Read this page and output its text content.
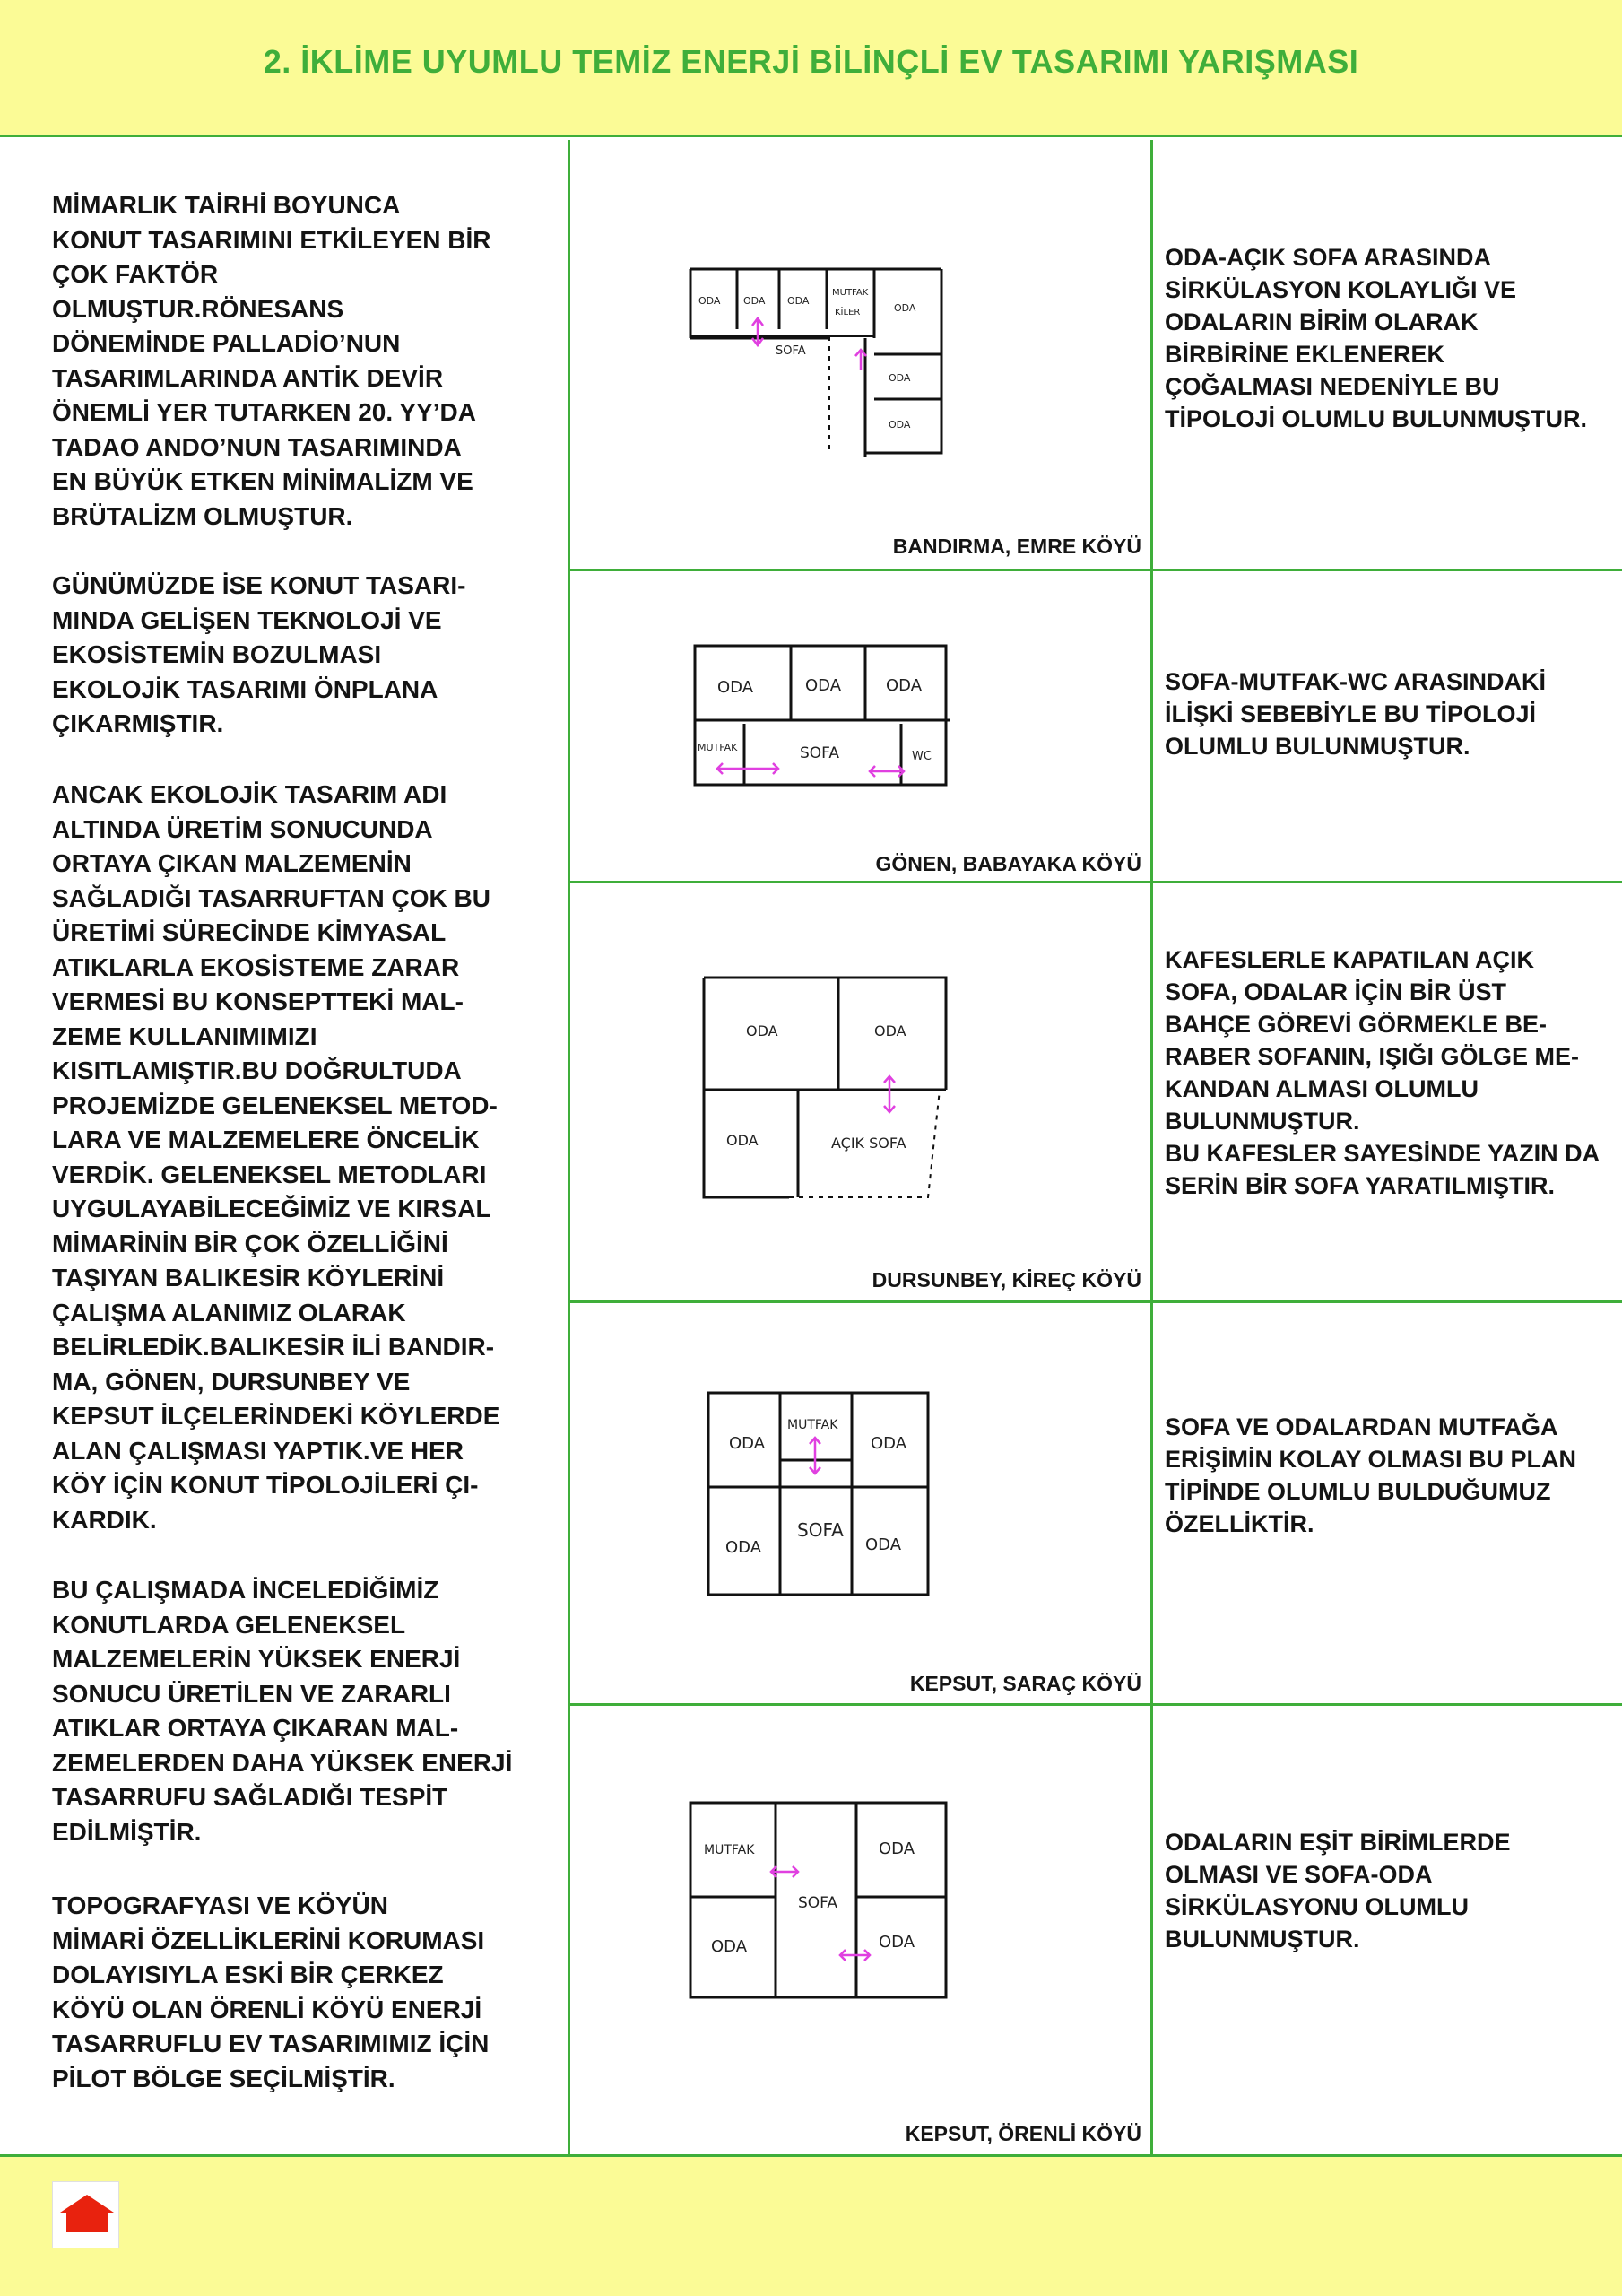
2. İKLİME UYUMLU TEMİZ ENERJİ BİLİNÇLİ EV TASARIMI YARIŞMASI
MİMARLIK TAİRHİ BOYUNCA
KONUT TASARIMINI ETKİLEYEN BİR
ÇOK FAKTÖR
OLMUŞTUR.RÖNESANS
DÖNEMİNDE PALLADİO’NUN
TASARIMLARINDA ANTİK DEVİR
ÖNEMLİ YER TUTARKEN 20. YY’DA
TADAO ANDO’NUN TASARIMINDA
EN BÜYÜK ETKEN MİNİMALİZM VE
BRÜTALİZM OLMUŞTUR.
GÜNÜMÜZDE İSE KONUT TASARI-
MINDA GELİŞEN TEKNOLOJİ VE
EKOSİSTEMİN BOZULMASI
EKOLOJİK TASARIMI ÖNPLANA
ÇIKARMIŞTIR.
ANCAK EKOLOJİK TASARIM ADI
ALTINDA ÜRETİM SONUCUNDA
ORTAYA ÇIKAN MALZEMENİN
SAĞLADIĞI TASARRUFTAN ÇOK BU
ÜRETİMİ SÜRECİNDE KİMYASAL
ATIKLARLA EKOSİSTEME ZARAR
VERMESİ BU KONSEPTTEKİ MAL-
ZEME KULLANIMIMIZI
KISITLAMIŞTIR.BU DOĞRULTUDA
PROJEMİZDE GELENEKSEL METOD-
LARA VE MALZEMELERE ÖNCELİK
VERDİK. GELENEKSEL METODLARI
UYGULAYABİLECEĞİMİZ VE KIRSAL
MİMARİNİN BİR ÇOK ÖZELLİĞİNİ
TAŞIYAN BALIKESİR KÖYLERİNİ
ÇALIŞMA ALANIMIZ OLARAK
BELİRLEDİK.BALIKESİR İLİ BANDIR-
MA, GÖNEN, DURSUNBEY VE
KEPSUT İLÇELERİNDEKİ KÖYLERDE
ALAN ÇALIŞMASI YAPTIK.VE HER
KÖY İÇİN KONUT TİPOLOJİLERİ ÇI-
KARDIK.
BU ÇALIŞMADA İNCELEDİĞİMİZ
KONUTLARDA GELENEKSEL
MALZEMELERİN YÜKSEK ENERJİ
SONUCU ÜRETİLEN VE ZARARLI
ATIKLAR ORTAYA ÇIKARAN MAL-
ZEMELERDEN DAHA YÜKSEK ENERJİ
TASARRUFU SAĞLADIĞI TESPİT
EDİLMİŞTİR.
TOPOGRAFYASI VE KÖYÜN
MİMARİ ÖZELLİKLERİNİ KORUMASI
DOLAYISIYLA ESKİ BİR ÇERKEZ
KÖYÜ OLAN ÖRENLİ KÖYÜ ENERJİ
TASARRUFLU EV TASARIMIMIZ İÇİN
PİLOT BÖLGE SEÇİLMİŞTİR.
ODA ODA ODA
MUTFAK
KİLER	ODA
SOFA
ODA
ODA
BANDIRMA, EMRE KÖYÜ
ODA-AÇIK SOFA ARASINDA
SİRKÜLASYON KOLAYLIĞI VE
ODALARIN BİRİM OLARAK
BİRBİRİNE EKLENEREK
ÇOĞALMASI NEDENİYLE BU
TİPOLOJİ OLUMLU BULUNMUŞTUR.
ODA	ODA	ODA
MUTFAK	SOFA	WC
GÖNEN, BABAYAKA KÖYÜ
SOFA-MUTFAK-WC ARASINDAKİ
İLİŞKİ SEBEBİYLE BU TİPOLOJİ
OLUMLU BULUNMUŞTUR.
ODA	ODA
ODA	AÇIK SOFA
DURSUNBEY, KİREÇ KÖYÜ
KAFESLERLE KAPATILAN AÇIK
SOFA, ODALAR İÇİN BİR ÜST
BAHÇE GÖREVİ GÖRMEKLE BE-
RABER SOFANIN, IŞIĞI GÖLGE ME-
KANDAN ALMASI OLUMLU
BULUNMUŞTUR.
BU KAFESLER SAYESİNDE YAZIN DA
SERİN BİR SOFA YARATILMIŞTIR.
ODA
MUTFAK
ODA
SOFA
ODA	ODA
KEPSUT, SARAÇ KÖYÜ
SOFA VE ODALARDAN MUTFAĞA
ERİŞİMİN KOLAY OLMASI BU PLAN
TİPİNDE OLUMLU BULDUĞUMUZ
ÖZELLİKTİR.
MUTFAK	ODA
SOFA
ODA	ODA
KEPSUT, ÖRENLİ KÖYÜ
ODALARIN EŞİT BİRİMLERDE
OLMASI VE SOFA-ODA
SİRKÜLASYONU OLUMLU
BULUNMUŞTUR.
